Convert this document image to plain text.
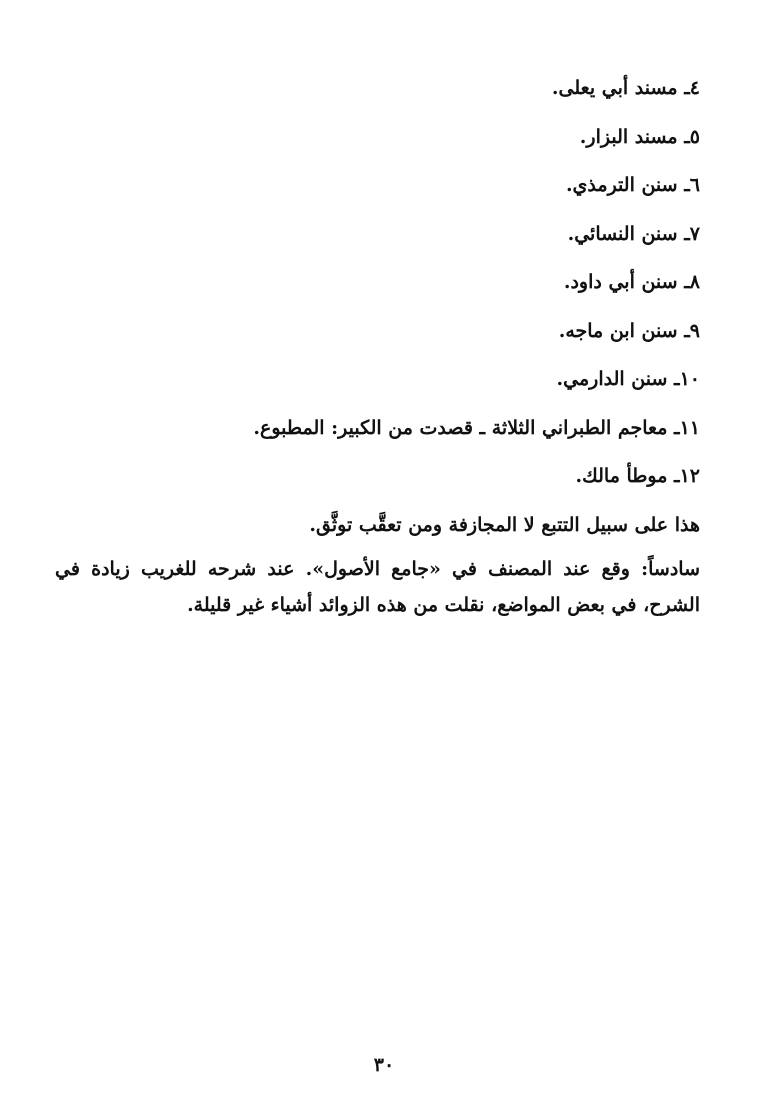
٤ـ مسند أبي يعلى.
٥ـ مسند البزار.
٦ـ سنن الترمذي.
٧ـ سنن النسائي.
٨ـ سنن أبي داود.
٩ـ سنن ابن ماجه.
١٠ـ سنن الدارمي.
١١ـ معاجم الطبراني الثلاثة ـ قصدت من الكبير: المطبوع.
١٢ـ موطأ مالك.
هذا على سبيل التتبع لا المجازفة ومن تعقَّب توثَّق.
سادساً: وقع عند المصنف في «جامع الأصول». عند شرحه للغريب زيادة في الشرح، في بعض المواضع، نقلت من هذه الزوائد أشياء غير قليلة.
٣٠
